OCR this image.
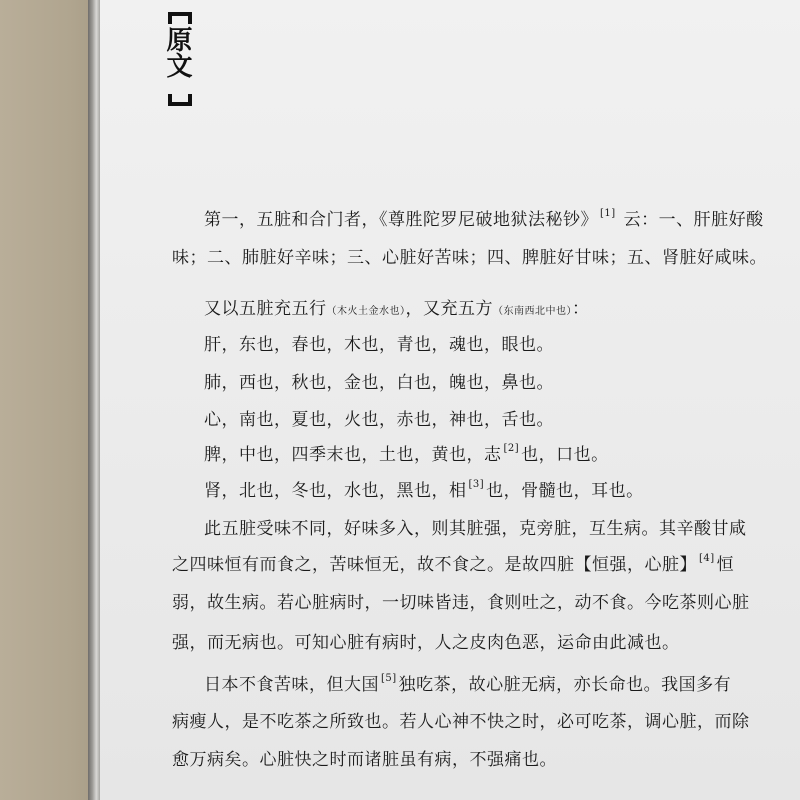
原文
第一，五脏和合门者，《尊胜陀罗尼破地狱法秘钞》 [1] 云：一、肝脏好酸
味；二、肺脏好辛味；三、心脏好苦味；四、脾脏好甘味；五、肾脏好咸味。
又以五脏充五行（木火土金水也），又充五方（东南西北中也）：
肝，东也，春也，木也，青也，魂也，眼也。
肺，西也，秋也，金也，白也，魄也，鼻也。
心，南也，夏也，火也，赤也，神也，舌也。
脾，中也，四季末也，土也，黄也，志 [2] 也，口也。
肾，北也，冬也，水也，黑也，相 [3] 也，骨髓也，耳也。
此五脏受味不同，好味多入，则其脏强，克旁脏，互生病。其辛酸甘咸
之四味恒有而食之，苦味恒无，故不食之。是故四脏【恒强，心脏】 [4] 恒
弱，故生病。若心脏病时，一切味皆违，食则吐之，动不食。今吃茶则心脏
强，而无病也。可知心脏有病时，人之皮肉色恶，运命由此减也。
日本不食苦味，但大国 [5] 独吃茶，故心脏无病，亦长命也。我国多有
病瘦人，是不吃茶之所致也。若人心神不快之时，必可吃茶，调心脏，而除
愈万病矣。心脏快之时而诸脏虽有病，不强痛也。
